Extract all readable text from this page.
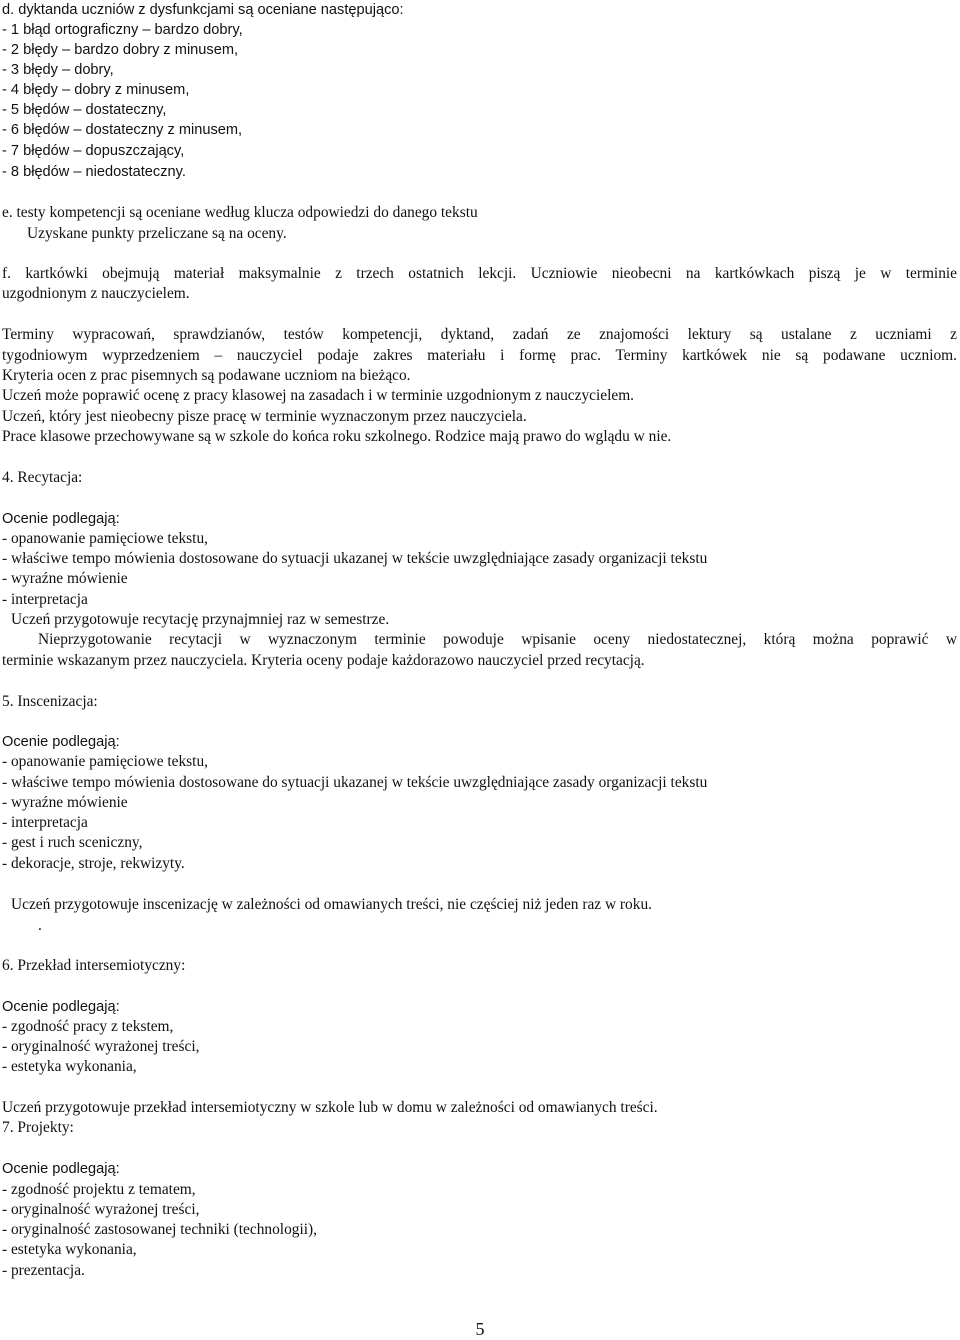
d. dyktanda uczniów z dysfunkcjami są oceniane następująco:
- 1 błąd ortograficzny – bardzo dobry,
- 2 błędy – bardzo dobry z minusem,
- 3 błędy – dobry,
- 4 błędy – dobry z minusem,
- 5 błędów – dostateczny,
- 6 błędów – dostateczny z minusem,
- 7 błędów – dopuszczający,
- 8 błędów – niedostateczny.
e. testy kompetencji są oceniane według klucza odpowiedzi do danego tekstu
Uzyskane punkty przeliczane są na oceny.
f. kartkówki obejmują materiał maksymalnie z trzech ostatnich lekcji. Uczniowie nieobecni na kartkówkach piszą je w terminie
uzgodnionym z nauczycielem.
Terminy wypracowań, sprawdzianów, testów kompetencji, dyktand, zadań ze znajomości lektury są ustalane z uczniami z
tygodniowym wyprzedzeniem – nauczyciel podaje zakres materiału i formę prac. Terminy kartkówek nie są podawane uczniom.
Kryteria ocen z prac pisemnych są podawane uczniom na bieżąco.
Uczeń może poprawić ocenę z pracy klasowej na zasadach i w terminie uzgodnionym z nauczycielem.
Uczeń, który jest nieobecny pisze pracę w terminie wyznaczonym przez nauczyciela.
Prace klasowe przechowywane są w szkole do końca roku szkolnego. Rodzice mają prawo do wglądu w nie.
4. Recytacja:
Ocenie podlegają:
- opanowanie pamięciowe tekstu,
- właściwe tempo mówienia dostosowane do sytuacji ukazanej w tekście uwzględniające zasady organizacji tekstu
- wyraźne mówienie
- interpretacja
Uczeń przygotowuje recytację przynajmniej raz w semestrze.
Nieprzygotowanie recytacji w wyznaczonym terminie powoduje wpisanie oceny niedostatecznej, którą można poprawić w
terminie wskazanym przez nauczyciela. Kryteria oceny podaje każdorazowo nauczyciel przed recytacją.
5. Inscenizacja:
Ocenie podlegają:
- opanowanie pamięciowe tekstu,
- właściwe tempo mówienia dostosowane do sytuacji ukazanej w tekście uwzględniające zasady organizacji tekstu
- wyraźne mówienie
- interpretacja
- gest i ruch sceniczny,
- dekoracje, stroje, rekwizyty.
Uczeń przygotowuje inscenizację w zależności od omawianych treści, nie częściej niż jeden raz w roku.
.
6. Przekład intersemiotyczny:
Ocenie podlegają:
- zgodność pracy z tekstem,
- oryginalność wyrażonej treści,
- estetyka wykonania,
Uczeń przygotowuje przekład intersemiotyczny w szkole lub w domu w zależności od omawianych treści.
7. Projekty:
Ocenie podlegają:
- zgodność projektu z tematem,
- oryginalność wyrażonej treści,
- oryginalność zastosowanej techniki (technologii),
- estetyka wykonania,
- prezentacja.
5
